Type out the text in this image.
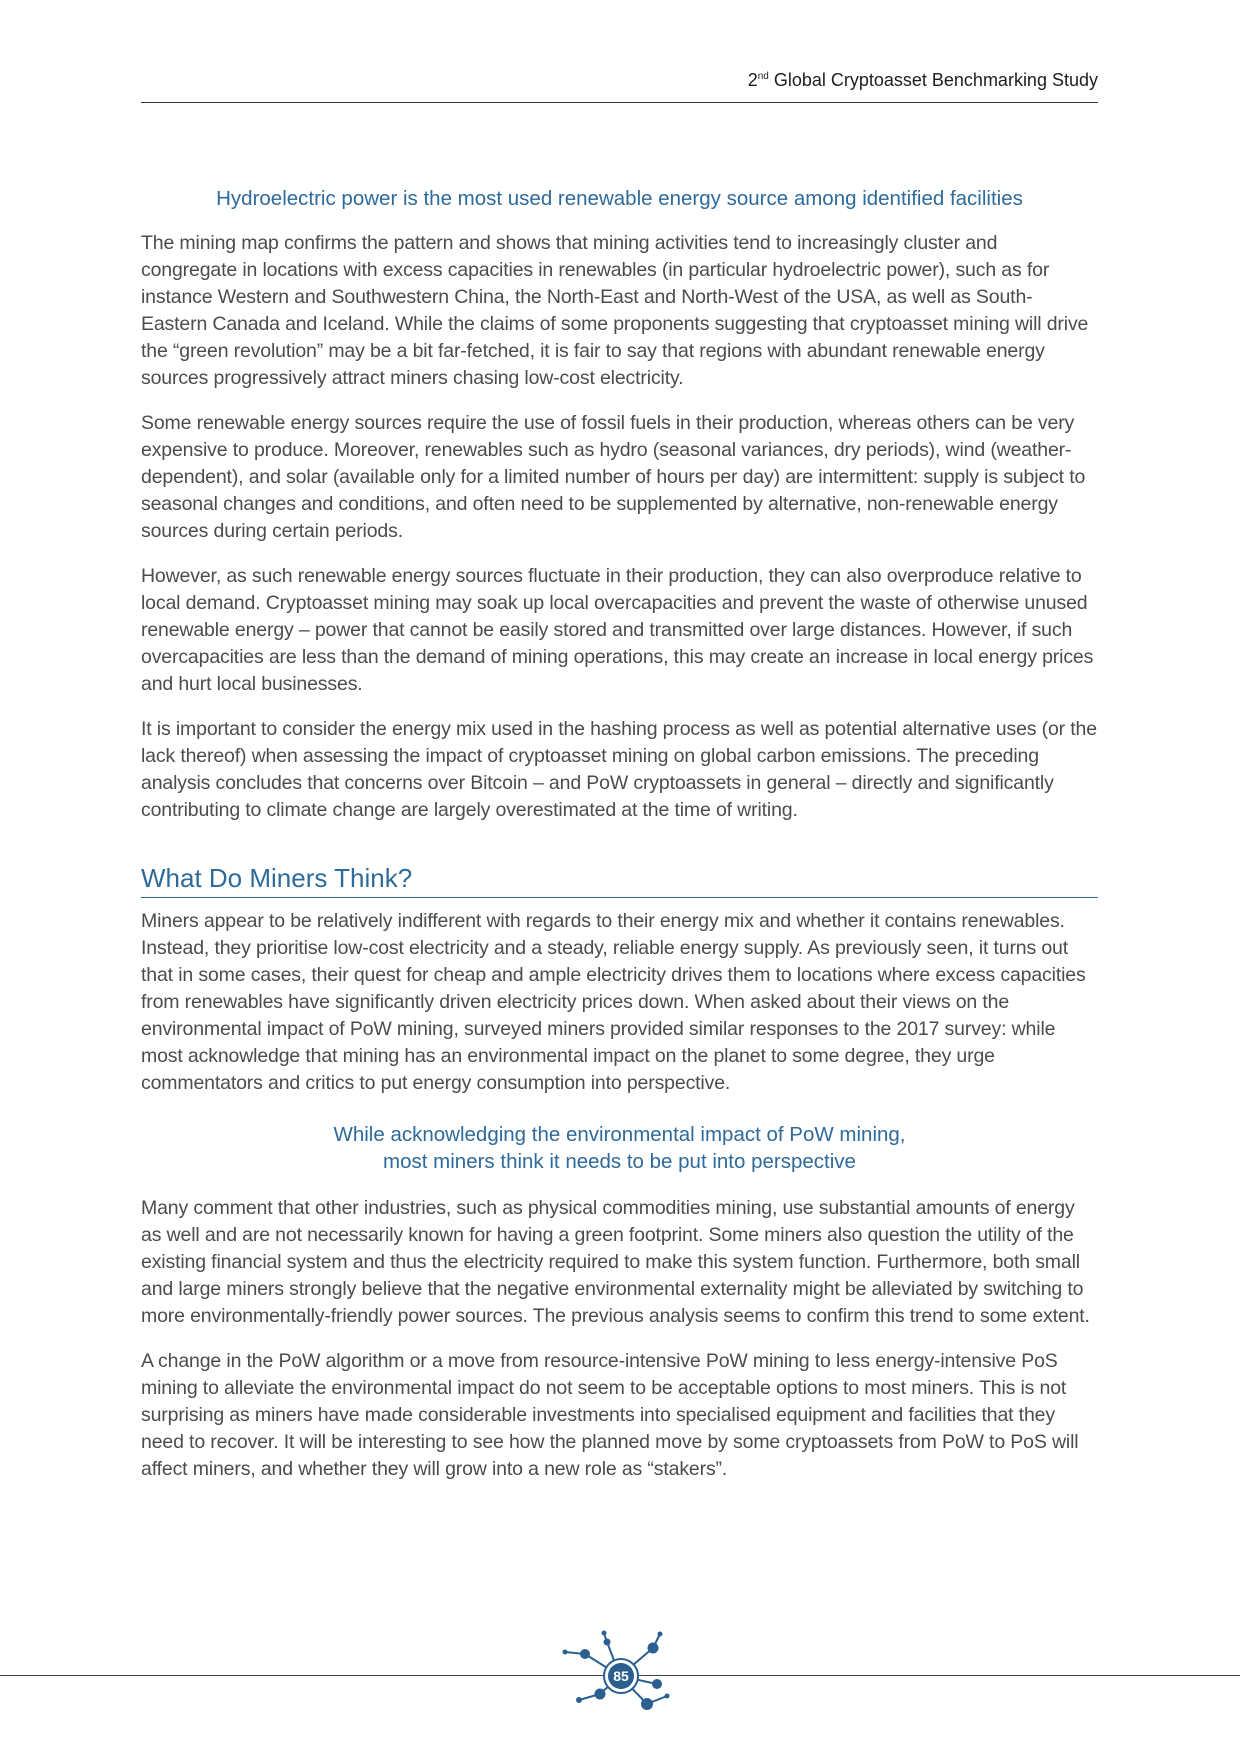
2nd Global Cryptoasset Benchmarking Study

Hydroelectric power is the most used renewable energy source among identified facilities

The mining map confirms the pattern and shows that mining activities tend to increasingly cluster and congregate in locations with excess capacities in renewables (in particular hydroelectric power), such as for instance Western and Southwestern China, the North-East and North-West of the USA, as well as South-Eastern Canada and Iceland. While the claims of some proponents suggesting that cryptoasset mining will drive the “green revolution” may be a bit far-fetched, it is fair to say that regions with abundant renewable energy sources progressively attract miners chasing low-cost electricity.

Some renewable energy sources require the use of fossil fuels in their production, whereas others can be very expensive to produce. Moreover, renewables such as hydro (seasonal variances, dry periods), wind (weather-dependent), and solar (available only for a limited number of hours per day) are intermittent: supply is subject to seasonal changes and conditions, and often need to be supplemented by alternative, non-renewable energy sources during certain periods.

However, as such renewable energy sources fluctuate in their production, they can also overproduce relative to local demand. Cryptoasset mining may soak up local overcapacities and prevent the waste of otherwise unused renewable energy – power that cannot be easily stored and transmitted over large distances. However, if such overcapacities are less than the demand of mining operations, this may create an increase in local energy prices and hurt local businesses.

It is important to consider the energy mix used in the hashing process as well as potential alternative uses (or the lack thereof) when assessing the impact of cryptoasset mining on global carbon emissions. The preceding analysis concludes that concerns over Bitcoin – and PoW cryptoassets in general – directly and significantly contributing to climate change are largely overestimated at the time of writing.

What Do Miners Think?

Miners appear to be relatively indifferent with regards to their energy mix and whether it contains renewables. Instead, they prioritise low-cost electricity and a steady, reliable energy supply. As previously seen, it turns out that in some cases, their quest for cheap and ample electricity drives them to locations where excess capacities from renewables have significantly driven electricity prices down. When asked about their views on the environmental impact of PoW mining, surveyed miners provided similar responses to the 2017 survey: while most acknowledge that mining has an environmental impact on the planet to some degree, they urge commentators and critics to put energy consumption into perspective.

While acknowledging the environmental impact of PoW mining,
most miners think it needs to be put into perspective

Many comment that other industries, such as physical commodities mining, use substantial amounts of energy as well and are not necessarily known for having a green footprint. Some miners also question the utility of the existing financial system and thus the electricity required to make this system function. Furthermore, both small and large miners strongly believe that the negative environmental externality might be alleviated by switching to more environmentally-friendly power sources. The previous analysis seems to confirm this trend to some extent.

A change in the PoW algorithm or a move from resource-intensive PoW mining to less energy-intensive PoS mining to alleviate the environmental impact do not seem to be acceptable options to most miners. This is not surprising as miners have made considerable investments into specialised equipment and facilities that they need to recover. It will be interesting to see how the planned move by some cryptoassets from PoW to PoS will affect miners, and whether they will grow into a new role as “stakers”.

85
